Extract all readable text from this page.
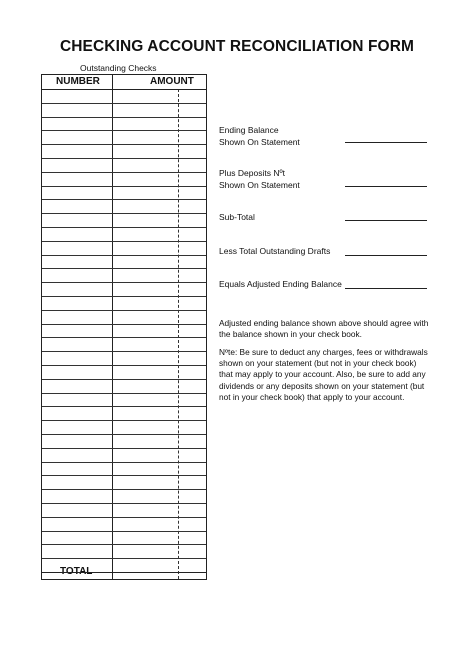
CHECKING ACCOUNT RECONCILIATION FORM
Outstanding Checks
NUMBER	AMOUNT
TOTAL
Ending Balance
Shown On Statement
Plus Deposits Nºt
Shown On Statement
Sub-Total
Less Total Outstanding Drafts
Equals Adjusted Ending Balance
Adjusted ending balance shown above should agree with the balance shown in your check book.
Nºte: Be sure to deduct any charges, fees or withdrawals shown on your statement (but not in your check book) that may apply to your account. Also, be sure to add any dividends or any deposits shown on your statement (but not in your check book) that apply to your account.
